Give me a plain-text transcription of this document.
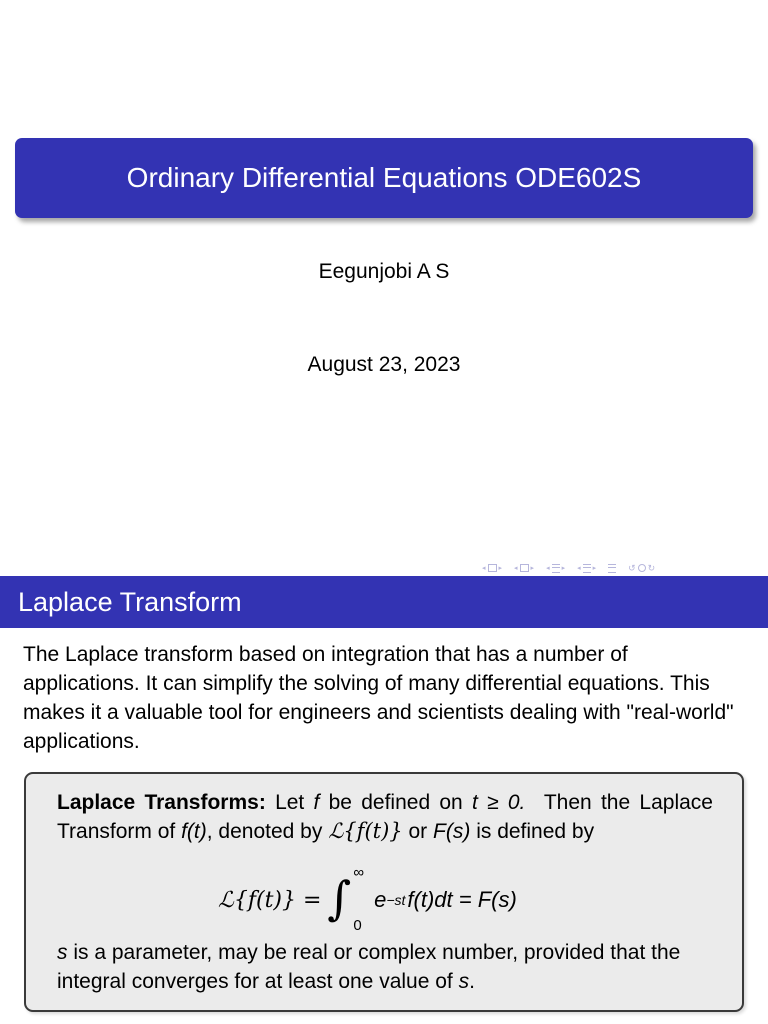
Ordinary Differential Equations ODE602S
Eegunjobi A S
August 23, 2023
◂ ▸ ◂ ▸ ◂ ▸ ◂ ▸	↺ ↻
Laplace Transform
The Laplace transform based on integration that has a number of applications. It can simplify the solving of many differential equations. This makes it a valuable tool for engineers and scientists dealing with "real-world" applications.
Laplace Transforms: Let f be defined on t ≥ 0. Then the Laplace Transform of f(t), denoted by ℒ{f(t)} or F(s) is defined by
ℒ{f(t)} = ∫ ∞
0
e −st f(t)dt = F(s)
s is a parameter, may be real or complex number, provided that the integral converges for at least one value of s.
